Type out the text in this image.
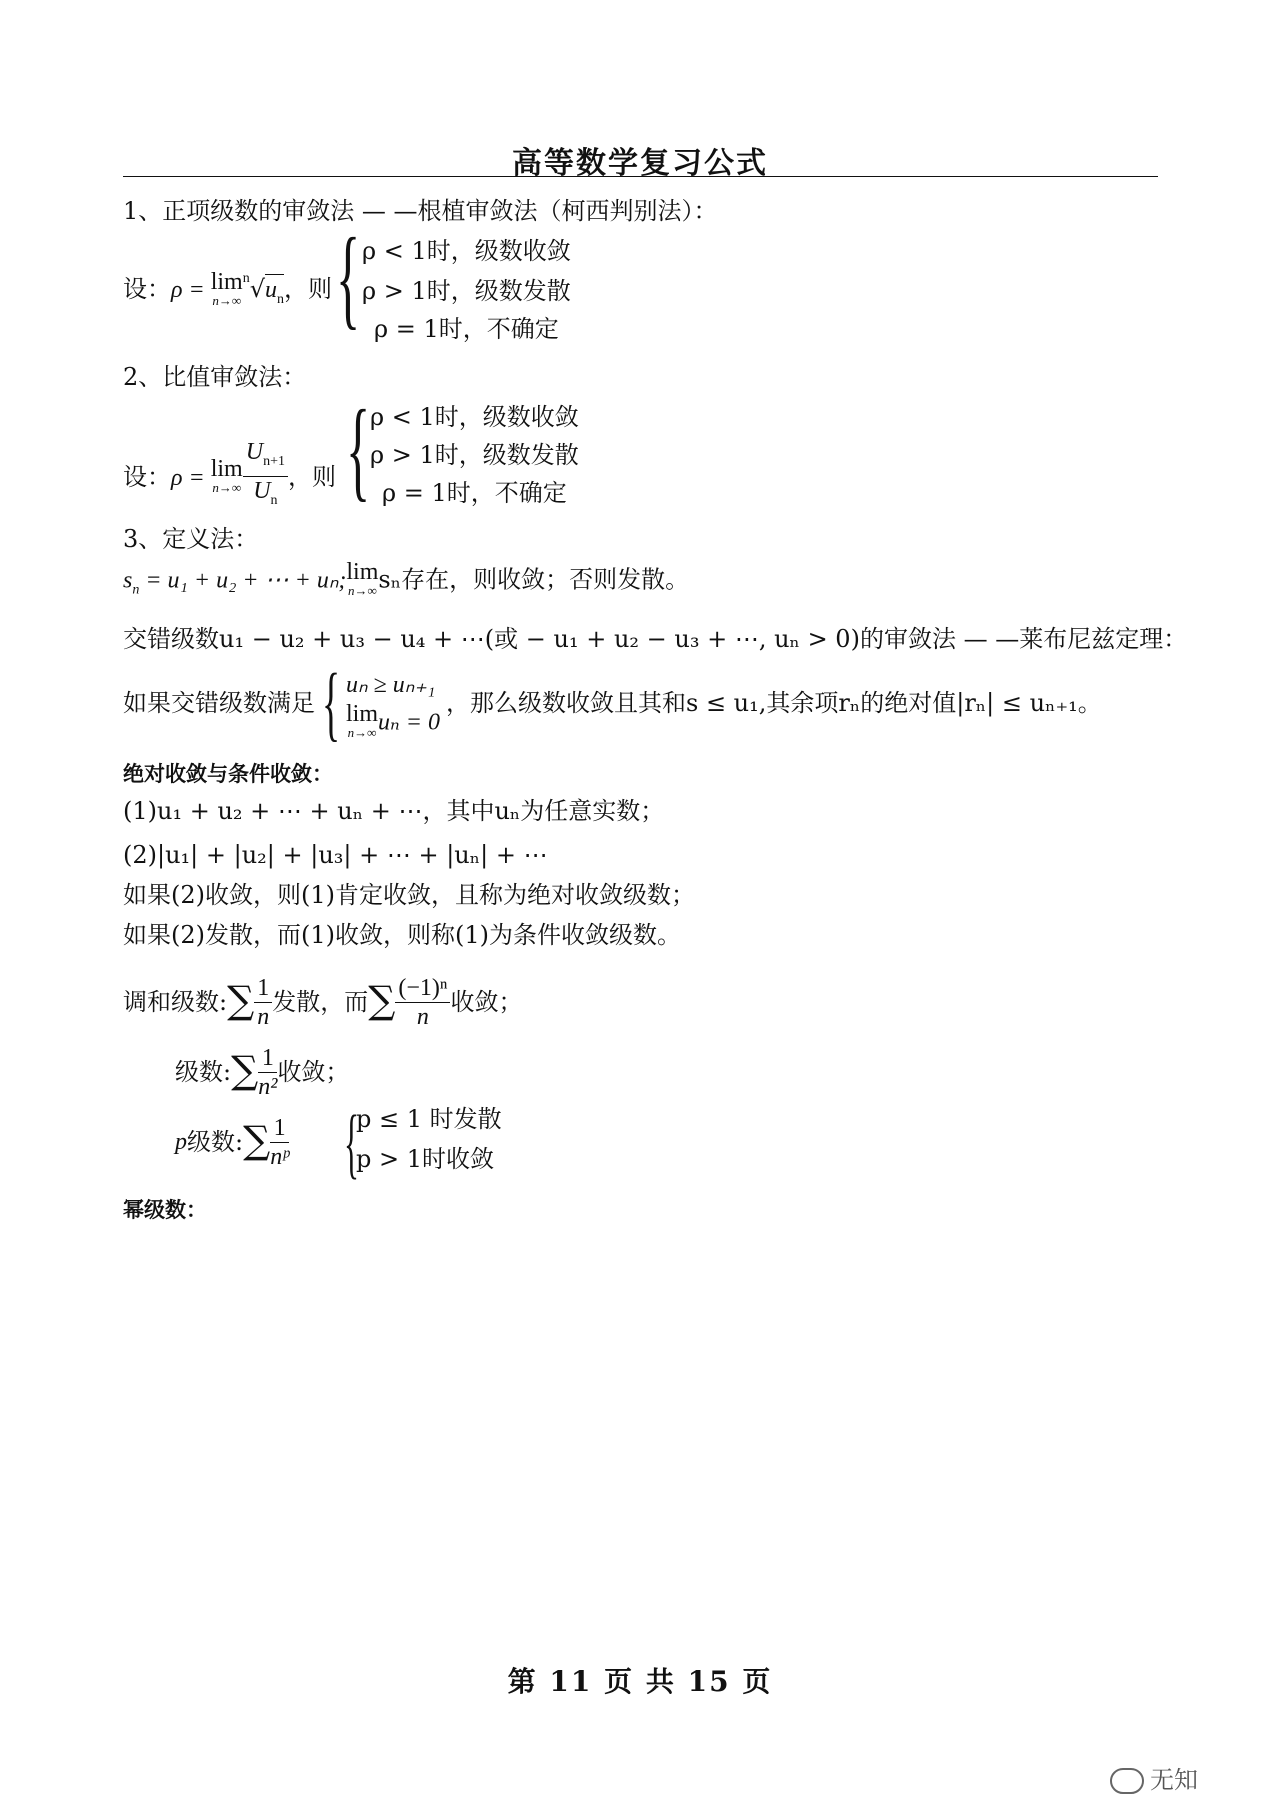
高等数学复习公式
1、正项级数的审敛法 — —根植审敛法（柯西判别法）：
设：ρ = lim
n→∞
$^n√u_n$，则 { ρ < 1时，级数收敛
ρ > 1时，级数发散
ρ = 1时，不确定
2、比值审敛法：
设：ρ = lim
$n\to\infty \frac{U_{n+1}}{U_n}$ ，则 { ρ < 1时，级数收敛
ρ > 1时，级数发散
ρ = 1时，不确定
3、定义法：
$s_n = u_1 + u_2$ + ⋯ + uₙ; lim
n→∞ sₙ存在，则收敛；否则发散。
交错级数u₁ − u₂ + u₃ − u₄ + ⋯(或 − u₁ + u₂ − u₃ + ⋯, uₙ > 0)的审敛法 — —莱布尼兹定理：
如果交错级数满足 { uₙ ≥ uₙ₊₁
lim
n→∞ uₙ = 0
，那么级数收敛且其和s ≤ u₁,其余项rₙ的绝对值|rₙ| ≤ uₙ₊₁。
绝对收敛与条件收敛：
(1)u₁ + u₂ + ⋯ + uₙ + ⋯，其中uₙ为任意实数；
(2)|u₁| + |u₂| + |u₃| + ⋯ + |uₙ| + ⋯
如果(2)收敛，则(1)肯定收敛，且称为绝对收敛级数；
如果(2)发散，而(1)收敛，则称(1)为条件收敛级数。
调和级数: ∑ $\frac{1}{n}$ 发散，而 ∑ $\frac{\text{(−1)ⁿ}}{n}$ 收敛；
级数: ∑ $\frac{1}{\text{n²}}$ 收敛；
p 级数: ∑ $\frac{1}{\text{nᵖ}}$ {
p ≤ 1 时发散
p > 1时收敛
幂级数：
第 11 页 共 15 页
无知
